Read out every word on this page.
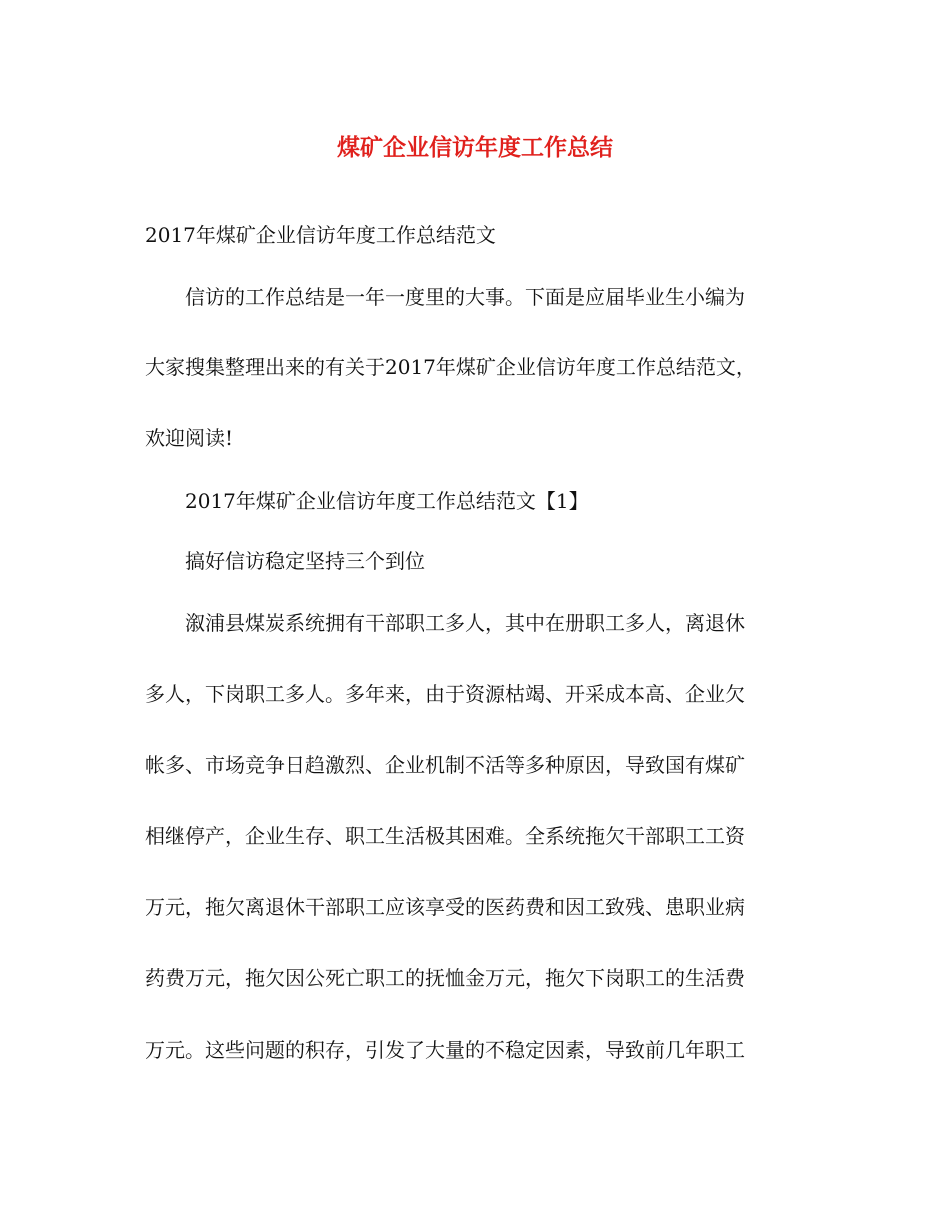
煤矿企业信访年度工作总结

2017年煤矿企业信访年度工作总结范文

信访的工作总结是一年一度里的大事。下面是应届毕业生小编为

大家搜集整理出来的有关于2017年煤矿企业信访年度工作总结范文，

欢迎阅读!

2017年煤矿企业信访年度工作总结范文【1】

搞好信访稳定坚持三个到位

溆浦县煤炭系统拥有干部职工多人，其中在册职工多人，离退休

多人，下岗职工多人。多年来，由于资源枯竭、开采成本高、企业欠

帐多、市场竞争日趋激烈、企业机制不活等多种原因，导致国有煤矿

相继停产，企业生存、职工生活极其困难。全系统拖欠干部职工工资

万元，拖欠离退休干部职工应该享受的医药费和因工致残、患职业病

药费万元，拖欠因公死亡职工的抚恤金万元，拖欠下岗职工的生活费

万元。这些问题的积存，引发了大量的不稳定因素，导致前几年职工
